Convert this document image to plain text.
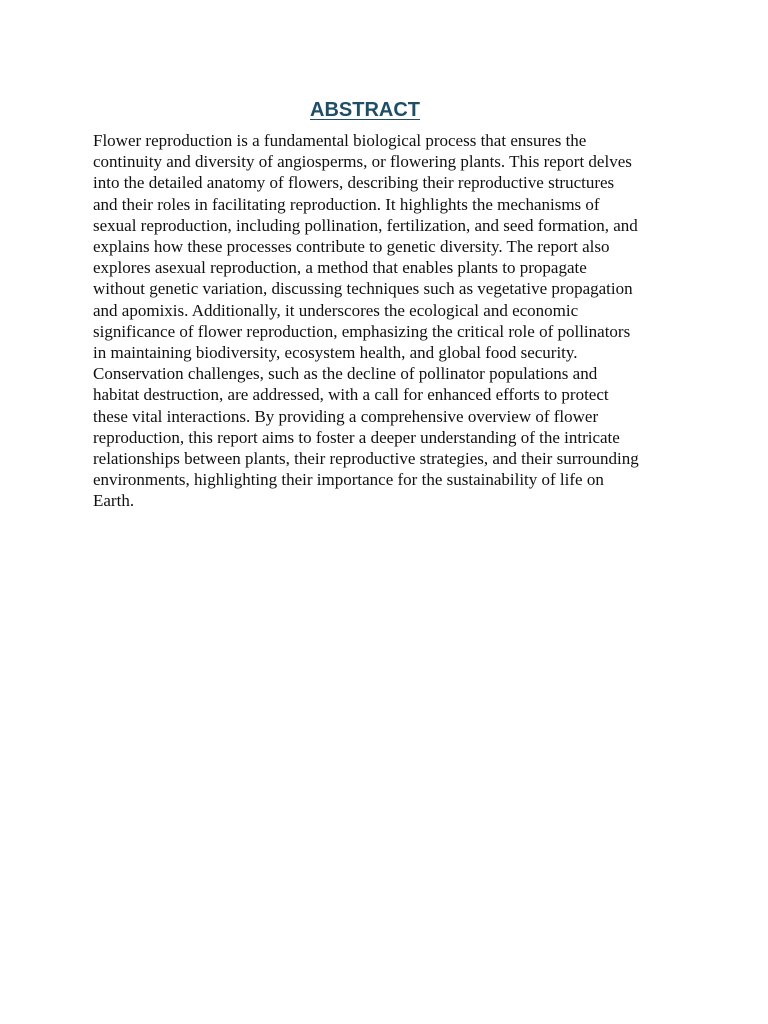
ABSTRACT

Flower reproduction is a fundamental biological process that ensures the
continuity and diversity of angiosperms, or flowering plants. This report delves
into the detailed anatomy of flowers, describing their reproductive structures
and their roles in facilitating reproduction. It highlights the mechanisms of
sexual reproduction, including pollination, fertilization, and seed formation, and
explains how these processes contribute to genetic diversity. The report also
explores asexual reproduction, a method that enables plants to propagate
without genetic variation, discussing techniques such as vegetative propagation
and apomixis. Additionally, it underscores the ecological and economic
significance of flower reproduction, emphasizing the critical role of pollinators
in maintaining biodiversity, ecosystem health, and global food security.
Conservation challenges, such as the decline of pollinator populations and
habitat destruction, are addressed, with a call for enhanced efforts to protect
these vital interactions. By providing a comprehensive overview of flower
reproduction, this report aims to foster a deeper understanding of the intricate
relationships between plants, their reproductive strategies, and their surrounding
environments, highlighting their importance for the sustainability of life on
Earth.
